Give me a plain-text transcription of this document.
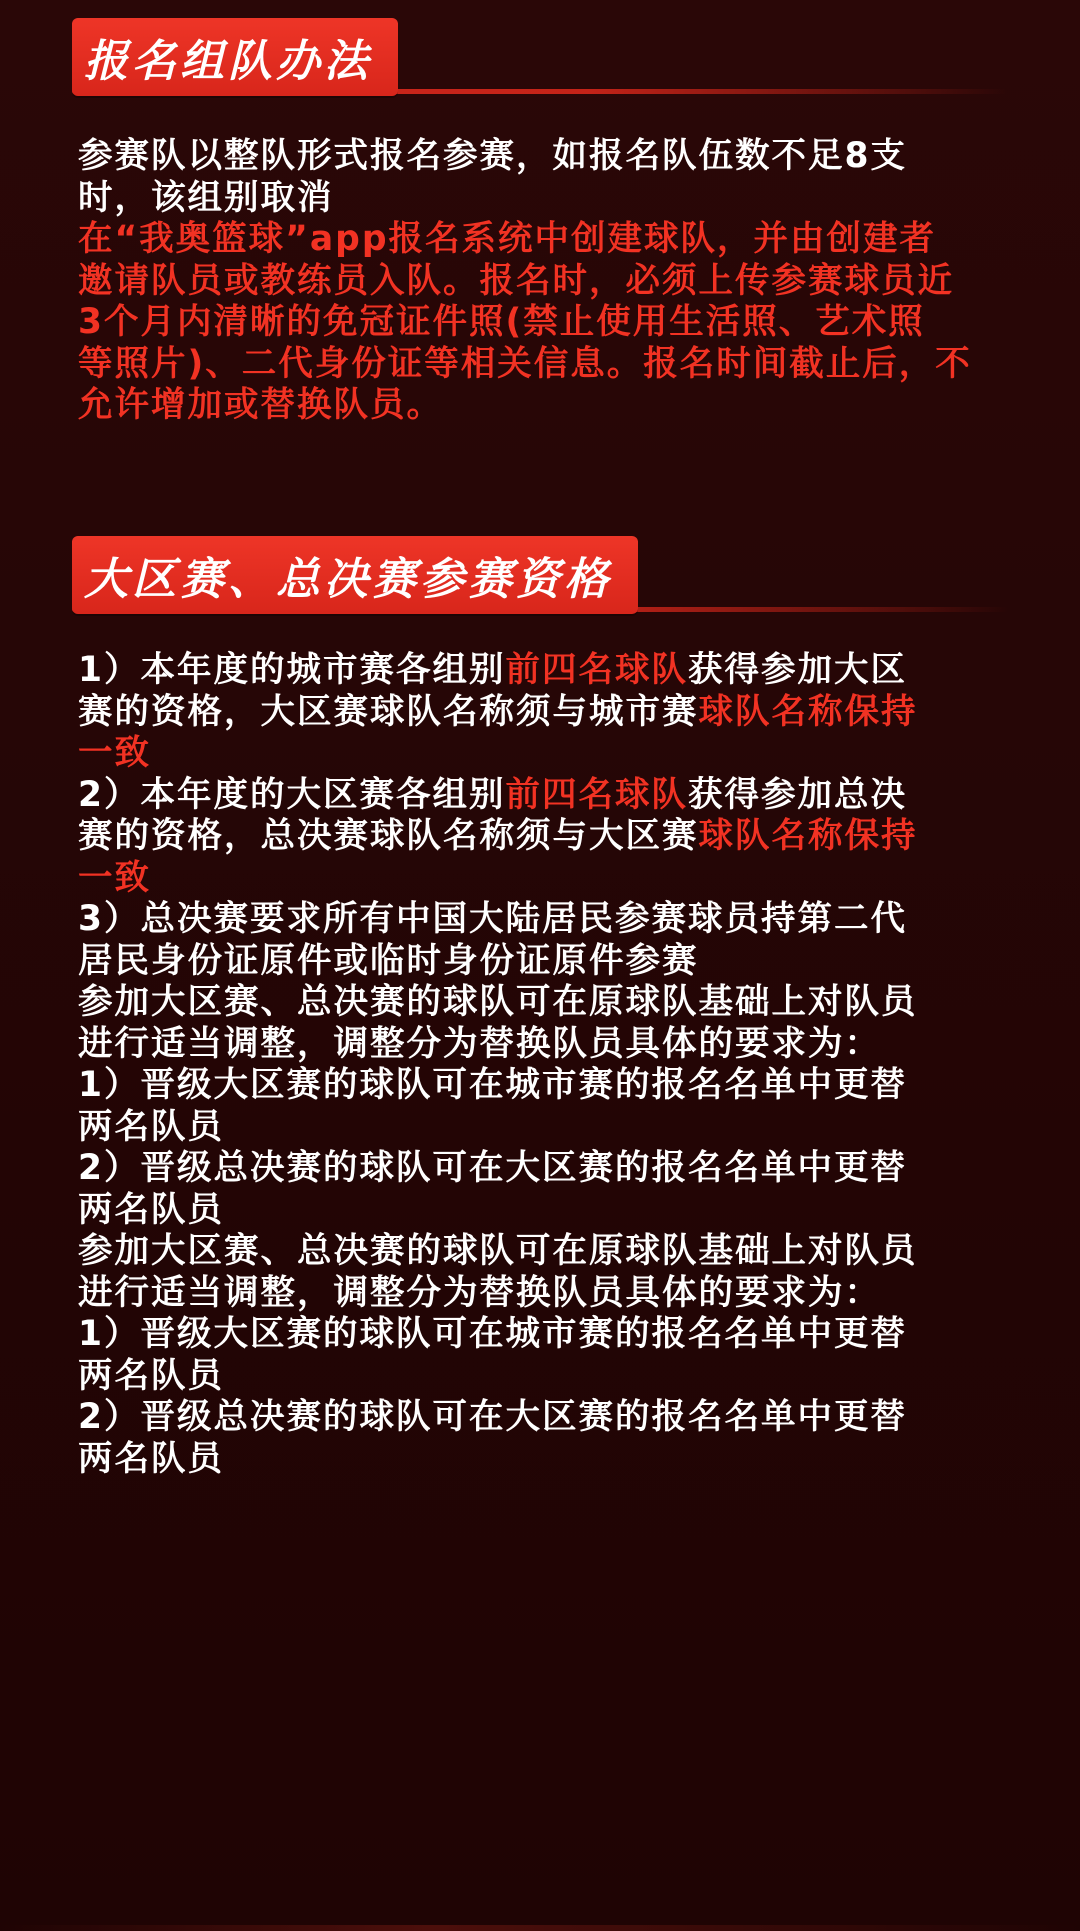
报名组队办法

参赛队以整队形式报名参赛，如报名队伍数不足8支

时，该组别取消

在“我奥篮球”app报名系统中创建球队，并由创建者

邀请队员或教练员入队。报名时，必须上传参赛球员近

3个月内清晰的免冠证件照(禁止使用生活照、艺术照

等照片)、二代身份证等相关信息。报名时间截止后，不

允许增加或替换队员。

大区赛、总决赛参赛资格

1）本年度的城市赛各组别前四名球队获得参加大区

赛的资格，大区赛球队名称须与城市赛球队名称保持

一致

2）本年度的大区赛各组别前四名球队获得参加总决

赛的资格，总决赛球队名称须与大区赛球队名称保持

一致

3）总决赛要求所有中国大陆居民参赛球员持第二代

居民身份证原件或临时身份证原件参赛

参加大区赛、总决赛的球队可在原球队基础上对队员

进行适当调整，调整分为替换队员具体的要求为：

1）晋级大区赛的球队可在城市赛的报名名单中更替

两名队员

2）晋级总决赛的球队可在大区赛的报名名单中更替

两名队员

参加大区赛、总决赛的球队可在原球队基础上对队员

进行适当调整，调整分为替换队员具体的要求为：

1）晋级大区赛的球队可在城市赛的报名名单中更替

两名队员

2）晋级总决赛的球队可在大区赛的报名名单中更替

两名队员
